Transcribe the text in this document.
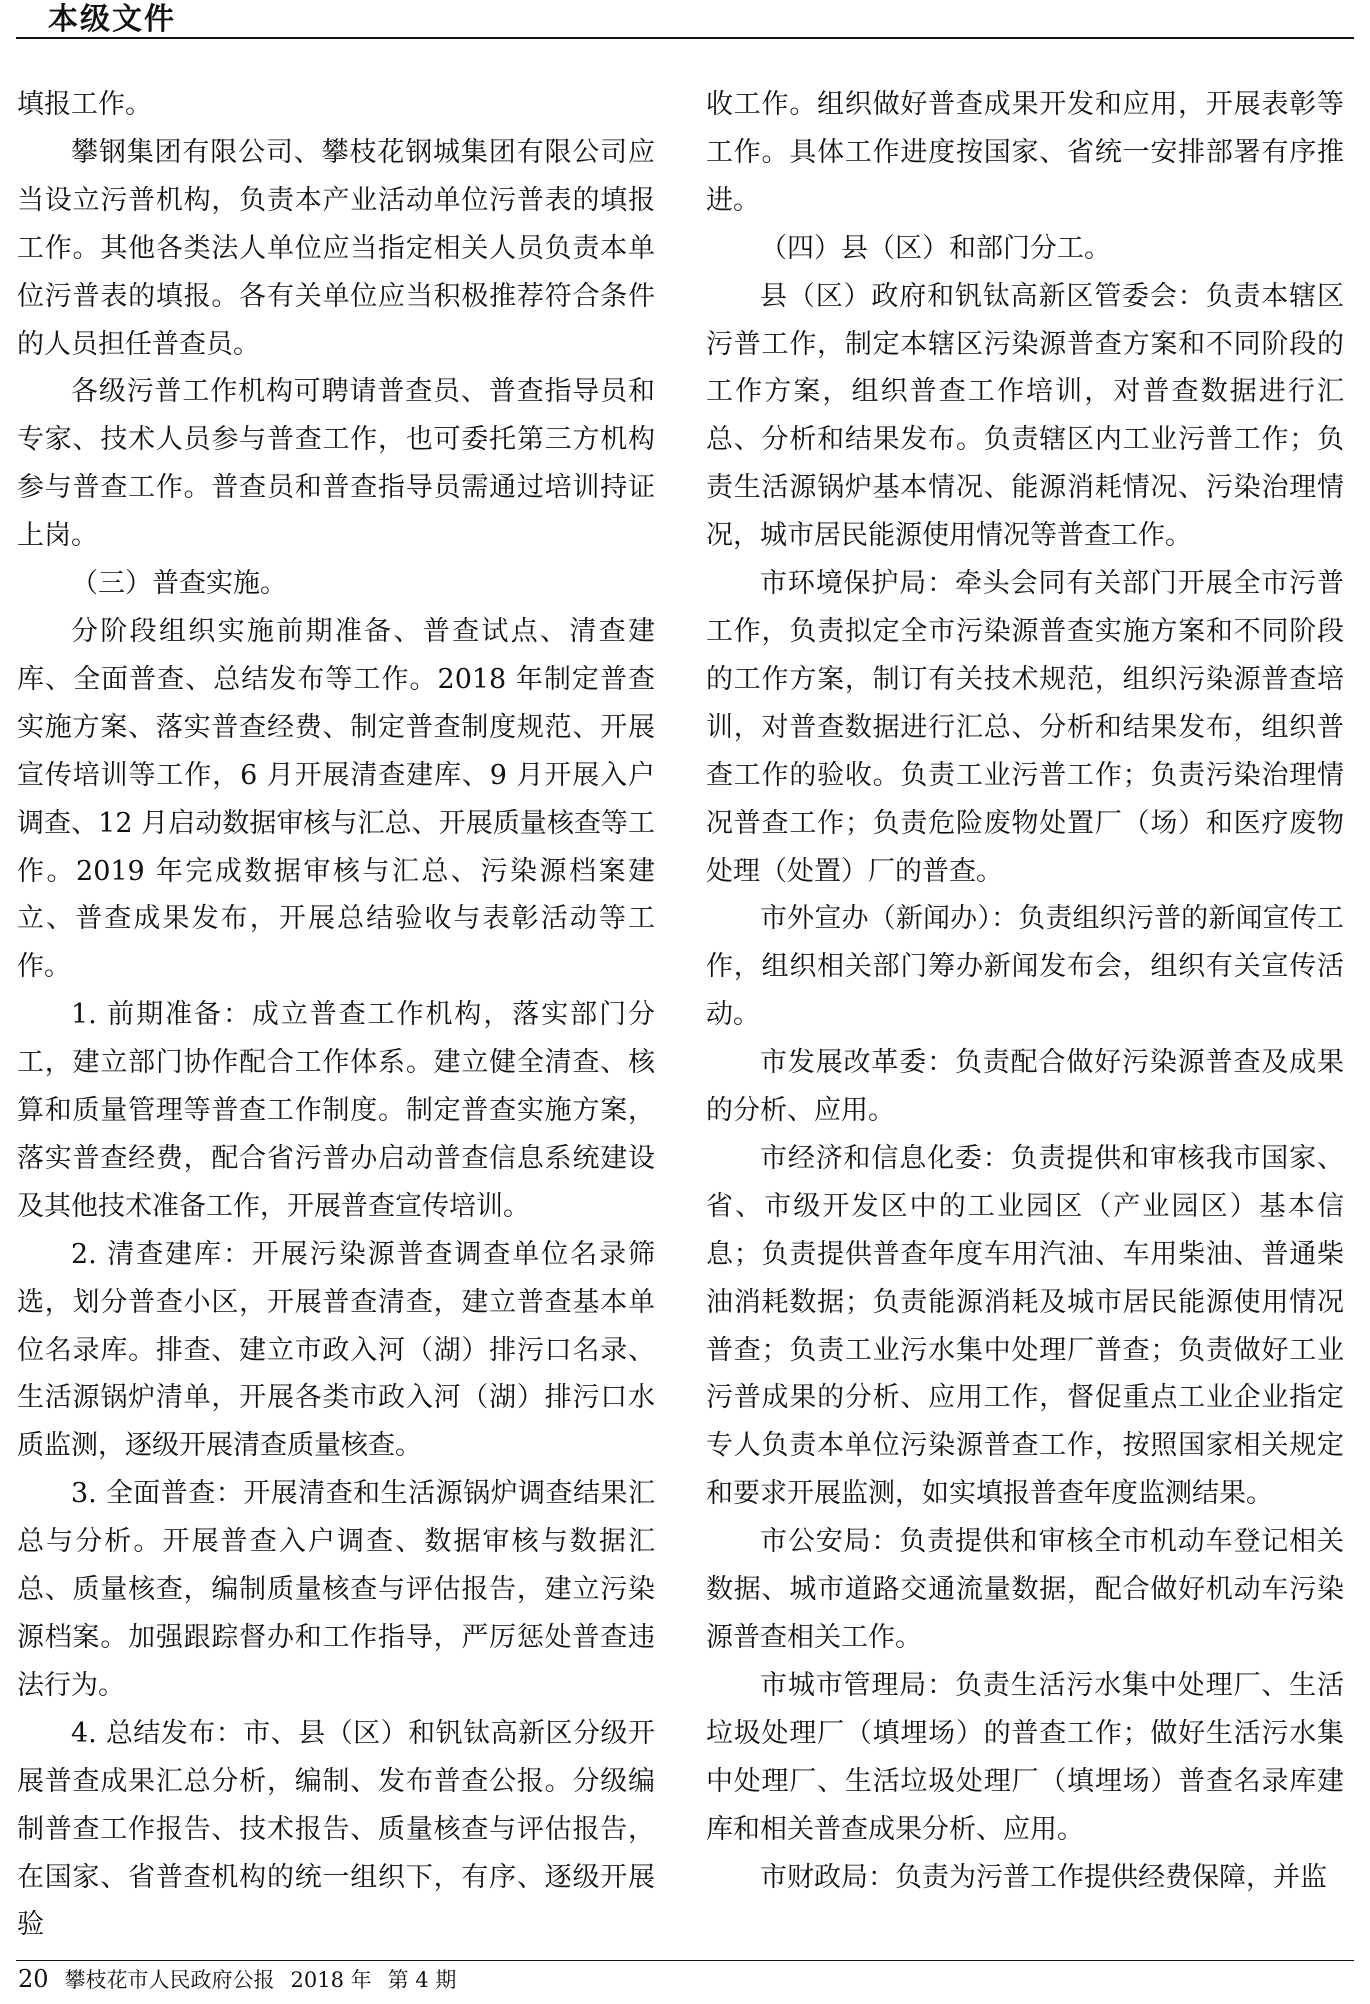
本级文件

填报工作。

攀钢集团有限公司、攀枝花钢城集团有限公司应当设立污普机构，负责本产业活动单位污普表的填报工作。其他各类法人单位应当指定相关人员负责本单位污普表的填报。各有关单位应当积极推荐符合条件的人员担任普查员。

各级污普工作机构可聘请普查员、普查指导员和专家、技术人员参与普查工作，也可委托第三方机构参与普查工作。普查员和普查指导员需通过培训持证上岗。

（三）普查实施。

分阶段组织实施前期准备、普查试点、清查建库、全面普查、总结发布等工作。2018 年制定普查实施方案、落实普查经费、制定普查制度规范、开展宣传培训等工作，6 月开展清查建库、9 月开展入户调查、12 月启动数据审核与汇总、开展质量核查等工作。2019 年完成数据审核与汇总、污染源档案建立、普查成果发布，开展总结验收与表彰活动等工作。

1. 前期准备：成立普查工作机构，落实部门分工，建立部门协作配合工作体系。建立健全清查、核算和质量管理等普查工作制度。制定普查实施方案，落实普查经费，配合省污普办启动普查信息系统建设及其他技术准备工作，开展普查宣传培训。

2. 清查建库：开展污染源普查调查单位名录筛选，划分普查小区，开展普查清查，建立普查基本单位名录库。排查、建立市政入河（湖）排污口名录、生活源锅炉清单，开展各类市政入河（湖）排污口水质监测，逐级开展清查质量核查。

3. 全面普查：开展清查和生活源锅炉调查结果汇总与分析。开展普查入户调查、数据审核与数据汇总、质量核查，编制质量核查与评估报告，建立污染源档案。加强跟踪督办和工作指导，严厉惩处普查违法行为。

4. 总结发布：市、县（区）和钒钛高新区分级开展普查成果汇总分析，编制、发布普查公报。分级编制普查工作报告、技术报告、质量核查与评估报告，在国家、省普查机构的统一组织下，有序、逐级开展验

收工作。组织做好普查成果开发和应用，开展表彰等工作。具体工作进度按国家、省统一安排部署有序推进。

（四）县（区）和部门分工。

县（区）政府和钒钛高新区管委会：负责本辖区污普工作，制定本辖区污染源普查方案和不同阶段的工作方案，组织普查工作培训，对普查数据进行汇总、分析和结果发布。负责辖区内工业污普工作；负责生活源锅炉基本情况、能源消耗情况、污染治理情况，城市居民能源使用情况等普查工作。

市环境保护局：牵头会同有关部门开展全市污普工作，负责拟定全市污染源普查实施方案和不同阶段的工作方案，制订有关技术规范，组织污染源普查培训，对普查数据进行汇总、分析和结果发布，组织普查工作的验收。负责工业污普工作；负责污染治理情况普查工作；负责危险废物处置厂（场）和医疗废物处理（处置）厂的普查。

市外宣办（新闻办）：负责组织污普的新闻宣传工作，组织相关部门筹办新闻发布会，组织有关宣传活动。

市发展改革委：负责配合做好污染源普查及成果的分析、应用。

市经济和信息化委：负责提供和审核我市国家、省、市级开发区中的工业园区（产业园区）基本信息；负责提供普查年度车用汽油、车用柴油、普通柴油消耗数据；负责能源消耗及城市居民能源使用情况普查；负责工业污水集中处理厂普查；负责做好工业污普成果的分析、应用工作，督促重点工业企业指定专人负责本单位污染源普查工作，按照国家相关规定和要求开展监测，如实填报普查年度监测结果。

市公安局：负责提供和审核全市机动车登记相关数据、城市道路交通流量数据，配合做好机动车污染源普查相关工作。

市城市管理局：负责生活污水集中处理厂、生活垃圾处理厂（填埋场）的普查工作；做好生活污水集中处理厂、生活垃圾处理厂（填埋场）普查名录库建库和相关普查成果分析、应用。

市财政局：负责为污普工作提供经费保障，并监

20 攀枝花市人民政府公报 2018 年 第 4 期
